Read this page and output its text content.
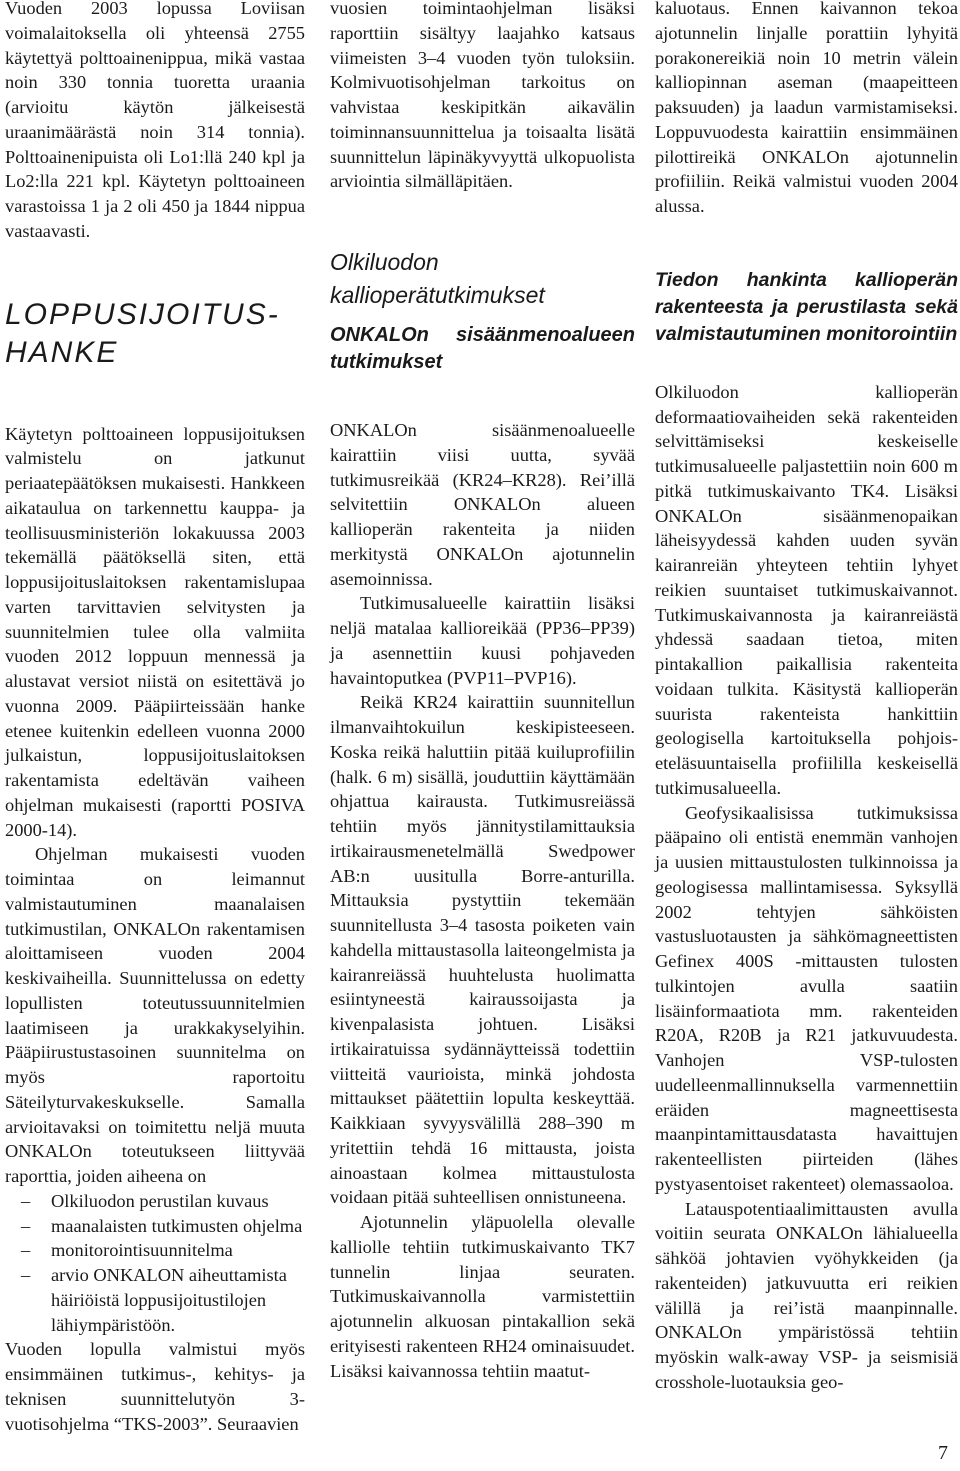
Vuoden 2003 lopussa Loviisan voimalaitoksella oli yhteensä 2755 käytettyä polttoainenippua, mikä vastaa noin 330 tonnia tuoretta uraania (arvioitu käytön jälkeisestä uraanimäärästä noin 314 tonnia). Polttoainenipuista oli Lo1:llä 240 kpl ja Lo2:lla 221 kpl. Käytetyn polttoaineen varastoissa 1 ja 2 oli 450 ja 1844 nippua vastaavasti.

LOPPUSIJOITUS-HANKE

Käytetyn polttoaineen loppusijoituksen valmistelu on jatkunut periaatepäätöksen mukaisesti. Hankkeen aikataulua on tarkennettu kauppa- ja teollisuusministeriön lokakuussa 2003 tekemällä päätöksellä siten, että loppusijoituslaitoksen rakentamislupaa varten tarvittavien selvitysten ja suunnitelmien tulee olla valmiita vuoden 2012 loppuun mennessä ja alustavat versiot niistä on esitettävä jo vuonna 2009. Pääpiirteissään hanke etenee kuitenkin edelleen vuonna 2000 julkaistun, loppusijoituslaitoksen rakentamista edeltävän vaiheen ohjelman mukaisesti (raportti POSIVA 2000-14).

Ohjelman mukaisesti vuoden toimintaa on leimannut valmistautuminen maanalaisen tutkimustilan, ONKALOn rakentamisen aloittamiseen vuoden 2004 keskivaiheilla. Suunnittelussa on edetty lopullisten toteutussuunnitelmien laatimiseen ja urakkakyselyihin. Pääpiirustustasoinen suunnitelma on myös raportoitu Säteilyturvakeskukselle. Samalla arvioitavaksi on toimitettu neljä muuta ONKALOn toteutukseen liittyvää raporttia, joiden aiheena on

– Olkiluodon perustilan kuvaus
– maanalaisten tutkimusten ohjelma
– monitorointisuunnitelma
– arvio ONKALON aiheuttamista häiriöistä loppusijoitustilojen lähiympäristöön.

Vuoden lopulla valmistui myös ensimmäinen tutkimus-, kehitys- ja teknisen suunnittelutyön 3-vuotisohjelma “TKS-2003”. Seuraavien

vuosien toimintaohjelman lisäksi raporttiin sisältyy laajahko katsaus viimeisten 3–4 vuoden työn tuloksiin. Kolmivuotisohjelman tarkoitus on vahvistaa keskipitkän aikavälin toiminnansuunnittelua ja toisaalta lisätä suunnittelun läpinäkyvyyttä ulkopuolista arviointia silmälläpitäen.

Olkiluodon kallioperätutkimukset
ONKALOn sisäänmenoalueen tutkimukset

ONKALOn sisäänmenoalueelle kairattiin viisi uutta, syvää tutkimusreikää (KR24–KR28). Rei’illä selvitettiin ONKALOn alueen kallioperän rakenteita ja niiden merkitystä ONKALOn ajotunnelin asemoinnissa.

Tutkimusalueelle kairattiin lisäksi neljä matalaa kallioreikää (PP36–PP39) ja asennettiin kuusi pohjaveden havaintoputkea (PVP11–PVP16).

Reikä KR24 kairattiin suunnitellun ilmanvaihtokuilun keskipisteeseen. Koska reikä haluttiin pitää kuiluprofiilin (halk. 6 m) sisällä, jouduttiin käyttämään ohjattua kairausta. Tutkimusreiässä tehtiin myös jännitystilamittauksia irtikairausmenetelmällä Swedpower AB:n uusitulla Borre-anturilla. Mittauksia pystyttiin tekemään suunnitellusta 3–4 tasosta poiketen vain kahdella mittaustasolla laiteongelmista ja kairanreiässä huuhtelusta huolimatta esiintyneestä kairaussoijasta ja kivenpalasista johtuen. Lisäksi irtikairatuissa sydännäytteissä todettiin viitteitä vaurioista, minkä johdosta mittaukset päätettiin lopulta keskeyttää. Kaikkiaan syvyysvälillä 288–390 m yritettiin tehdä 16 mittausta, joista ainoastaan kolmea mittaustulosta voidaan pitää suhteellisen onnistuneena.

Ajotunnelin yläpuolella olevalle kalliolle tehtiin tutkimuskaivanto TK7 tunnelin linjaa seuraten. Tutkimuskaivannolla varmistettiin ajotunnelin alkuosan pintakallion sekä erityisesti rakenteen RH24 ominaisuudet. Lisäksi kaivannossa tehtiin maatut-

kaluotaus. Ennen kaivannon tekoa ajotunnelin linjalle porattiin lyhyitä porakonereikiä noin 10 metrin välein kalliopinnan aseman (maapeitteen paksuuden) ja laadun varmistamiseksi. Loppuvuodesta kairattiin ensimmäinen pilottireikä ONKALOn ajotunnelin profiiliin. Reikä valmistui vuoden 2004 alussa.

Tiedon hankinta kallioperän rakenteesta ja perustilasta sekä valmistautuminen monitorointiin

Olkiluodon kallioperän deformaatiovaiheiden sekä rakenteiden selvittämiseksi keskeiselle tutkimusalueelle paljastettiin noin 600 m pitkä tutkimuskaivanto TK4. Lisäksi ONKALOn sisäänmenopaikan läheisyydessä kahden uuden syvän kairanreiän yhteyteen tehtiin lyhyet reikien suuntaiset tutkimuskaivannot. Tutkimuskaivannosta ja kairanreiästä yhdessä saadaan tietoa, miten pintakallion paikallisia rakenteita voidaan tulkita. Käsitystä kallioperän suurista rakenteista hankittiin geologisella kartoituksella pohjois-eteläsuuntaisella profiililla keskeisellä tutkimusalueella.

Geofysikaalisissa tutkimuksissa pääpaino oli entistä enemmän vanhojen ja uusien mittaustulosten tulkinnoissa ja geologisessa mallintamisessa. Syksyllä 2002 tehtyjen sähköisten vastusluotausten ja sähkömagneettisten Gefinex 400S -mittausten tulosten tulkintojen avulla saatiin lisäinformaatiota mm. rakenteiden R20A, R20B ja R21 jatkuvuudesta. Vanhojen VSP-tulosten uudelleenmallinnuksella varmennettiin eräiden magneettisesta maanpintamittausdatasta havaittujen rakenteellisten piirteiden (lähes pystyasentoiset rakenteet) olemassaoloa.

Latauspotentiaalimittausten avulla voitiin seurata ONKALOn lähialueella sähköä johtavien vyöhykkeiden (ja rakenteiden) jatkuvuutta eri reikien välillä ja rei’istä maanpinnalle. ONKALOn ympäristössä tehtiin myöskin walk-away VSP- ja seismisiä crosshole-luotauksia geo-

7
